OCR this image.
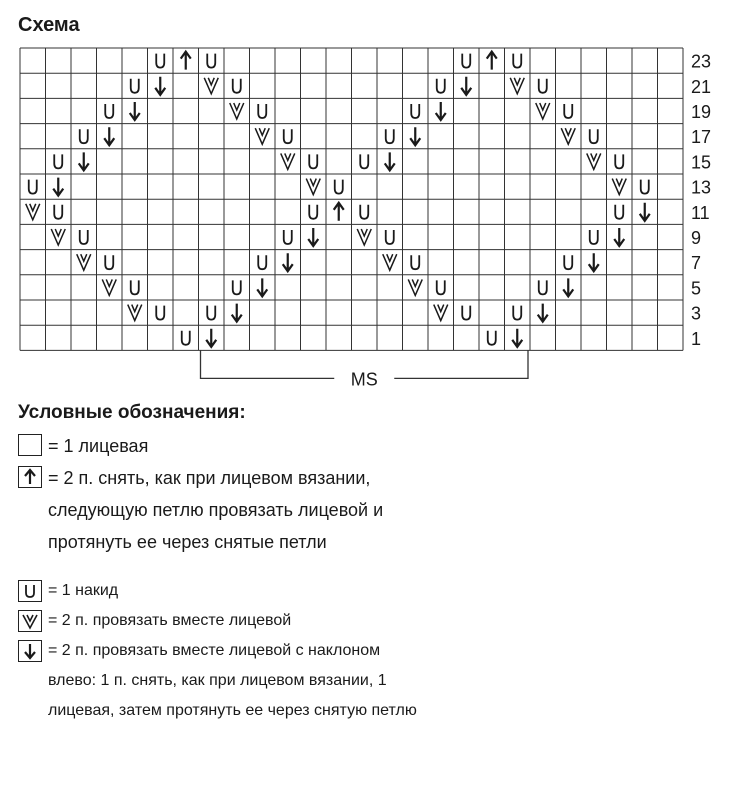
Схема
23
21
19
17
15
13
11
9
7
5
3
1
MS
Условные обозначения:
= 1 лицевая
= 2 п. снять, как при лицевом вязании, следующую петлю провязать лицевой и протянуть ее через снятые петли
= 1 накид
= 2 п. провязать вместе лицевой
= 2 п. провязать вместе лицевой с наклоном влево: 1 п. снять, как при лицевом вязании, 1 лицевая, затем протянуть ее через снятую петлю
